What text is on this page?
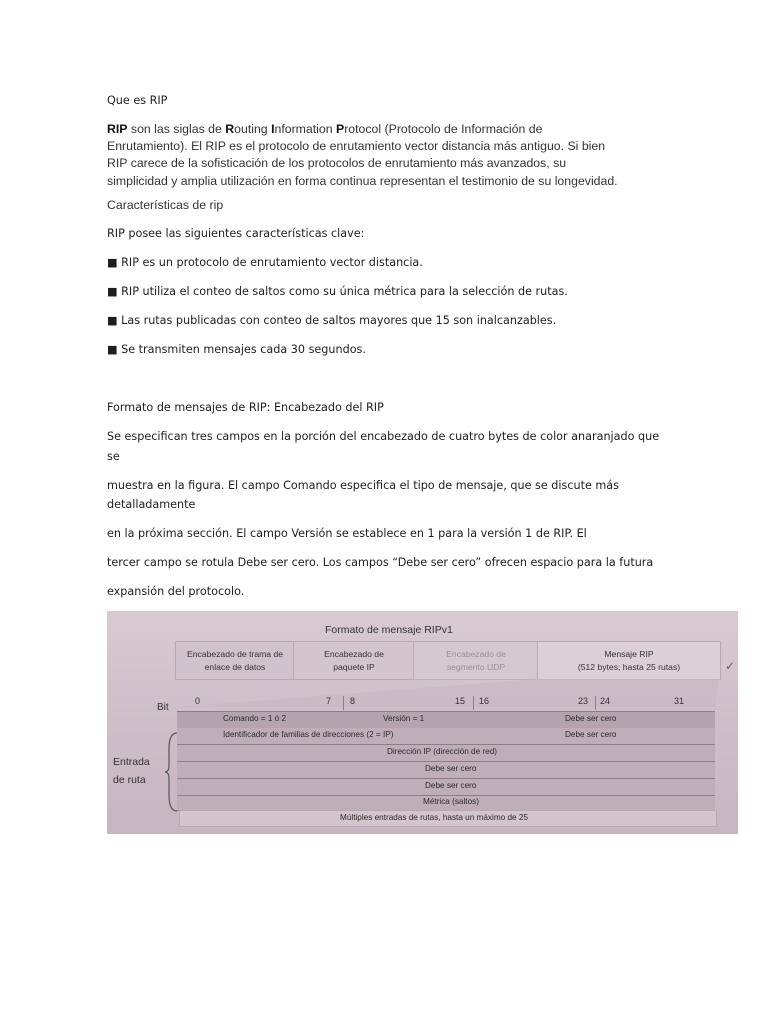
Que es RIP
RIP son las siglas de Routing Information Protocol (Protocolo de Información de
Enrutamiento). El RIP es el protocolo de enrutamiento vector distancia más antiguo. Si bien
RIP carece de la sofisticación de los protocolos de enrutamiento más avanzados, su
simplicidad y amplia utilización en forma continua representan el testimonio de su longevidad.
Características de rip
RIP posee las siguientes características clave:
■ RIP es un protocolo de enrutamiento vector distancia.
■ RIP utiliza el conteo de saltos como su única métrica para la selección de rutas.
■ Las rutas publicadas con conteo de saltos mayores que 15 son inalcanzables.
■ Se transmiten mensajes cada 30 segundos.
Formato de mensajes de RIP: Encabezado del RIP
Se especifican tres campos en la porción del encabezado de cuatro bytes de color anaranjado que
se
muestra en la figura. El campo Comando especifica el tipo de mensaje, que se discute más
detalladamente
en la próxima sección. El campo Versión se establece en 1 para la versión 1 de RIP. El
tercer campo se rotula Debe ser cero. Los campos “Debe ser cero” ofrecen espacio para la futura
expansión del protocolo.
Formato de mensaje RIPv1
Encabezado de trama de
enlace de datos
Encabezado de
paquete IP
Encabezado de
segmento UDP
Mensaje RIP
(512 bytes; hasta 25 rutas)	✓
Bit
0	7 8	15 16	23 24	31
Comando = 1 ó 2	Versión = 1	Debe ser cero
Identificador de familias de direcciones (2 = IP)	Debe ser cero
Dirección IP (dirección de red)
Debe ser cero
Debe ser cero
Métrica (saltos)
Entrada
de ruta
Múltiples entradas de rutas, hasta un máximo de 25
